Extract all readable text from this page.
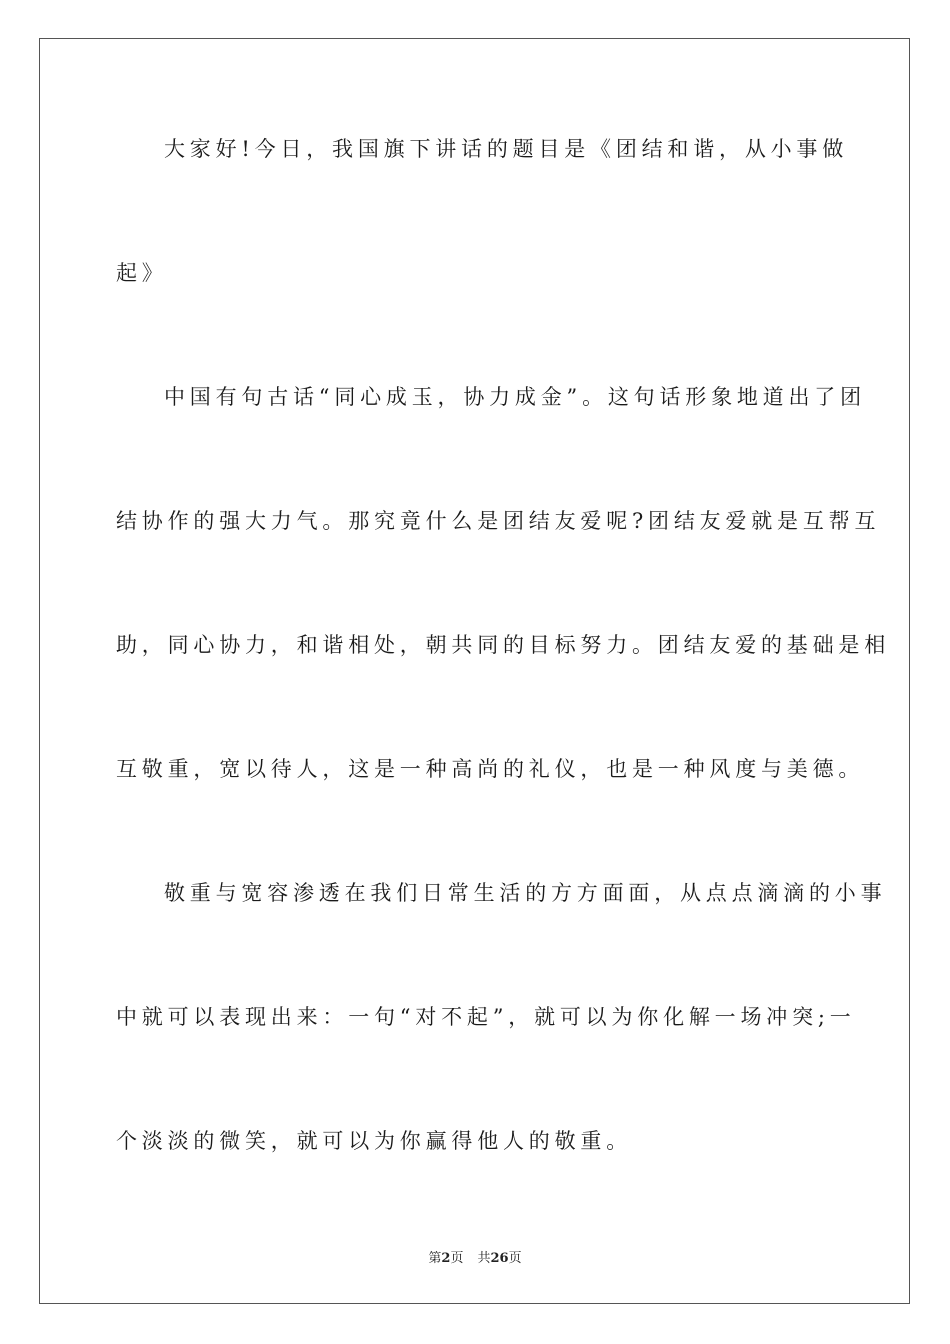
大家好!今日，我国旗下讲话的题目是《团结和谐，从小事做
起》
中国有句古话“同心成玉，协力成金”。这句话形象地道出了团
结协作的强大力气。那究竟什么是团结友爱呢?团结友爱就是互帮互
助，同心协力，和谐相处，朝共同的目标努力。团结友爱的基础是相
互敬重，宽以待人，这是一种高尚的礼仪，也是一种风度与美德。
敬重与宽容渗透在我们日常生活的方方面面，从点点滴滴的小事
中就可以表现出来：一句“对不起”，就可以为你化解一场冲突;一
个淡淡的微笑，就可以为你赢得他人的敬重。
第2页 共26页
